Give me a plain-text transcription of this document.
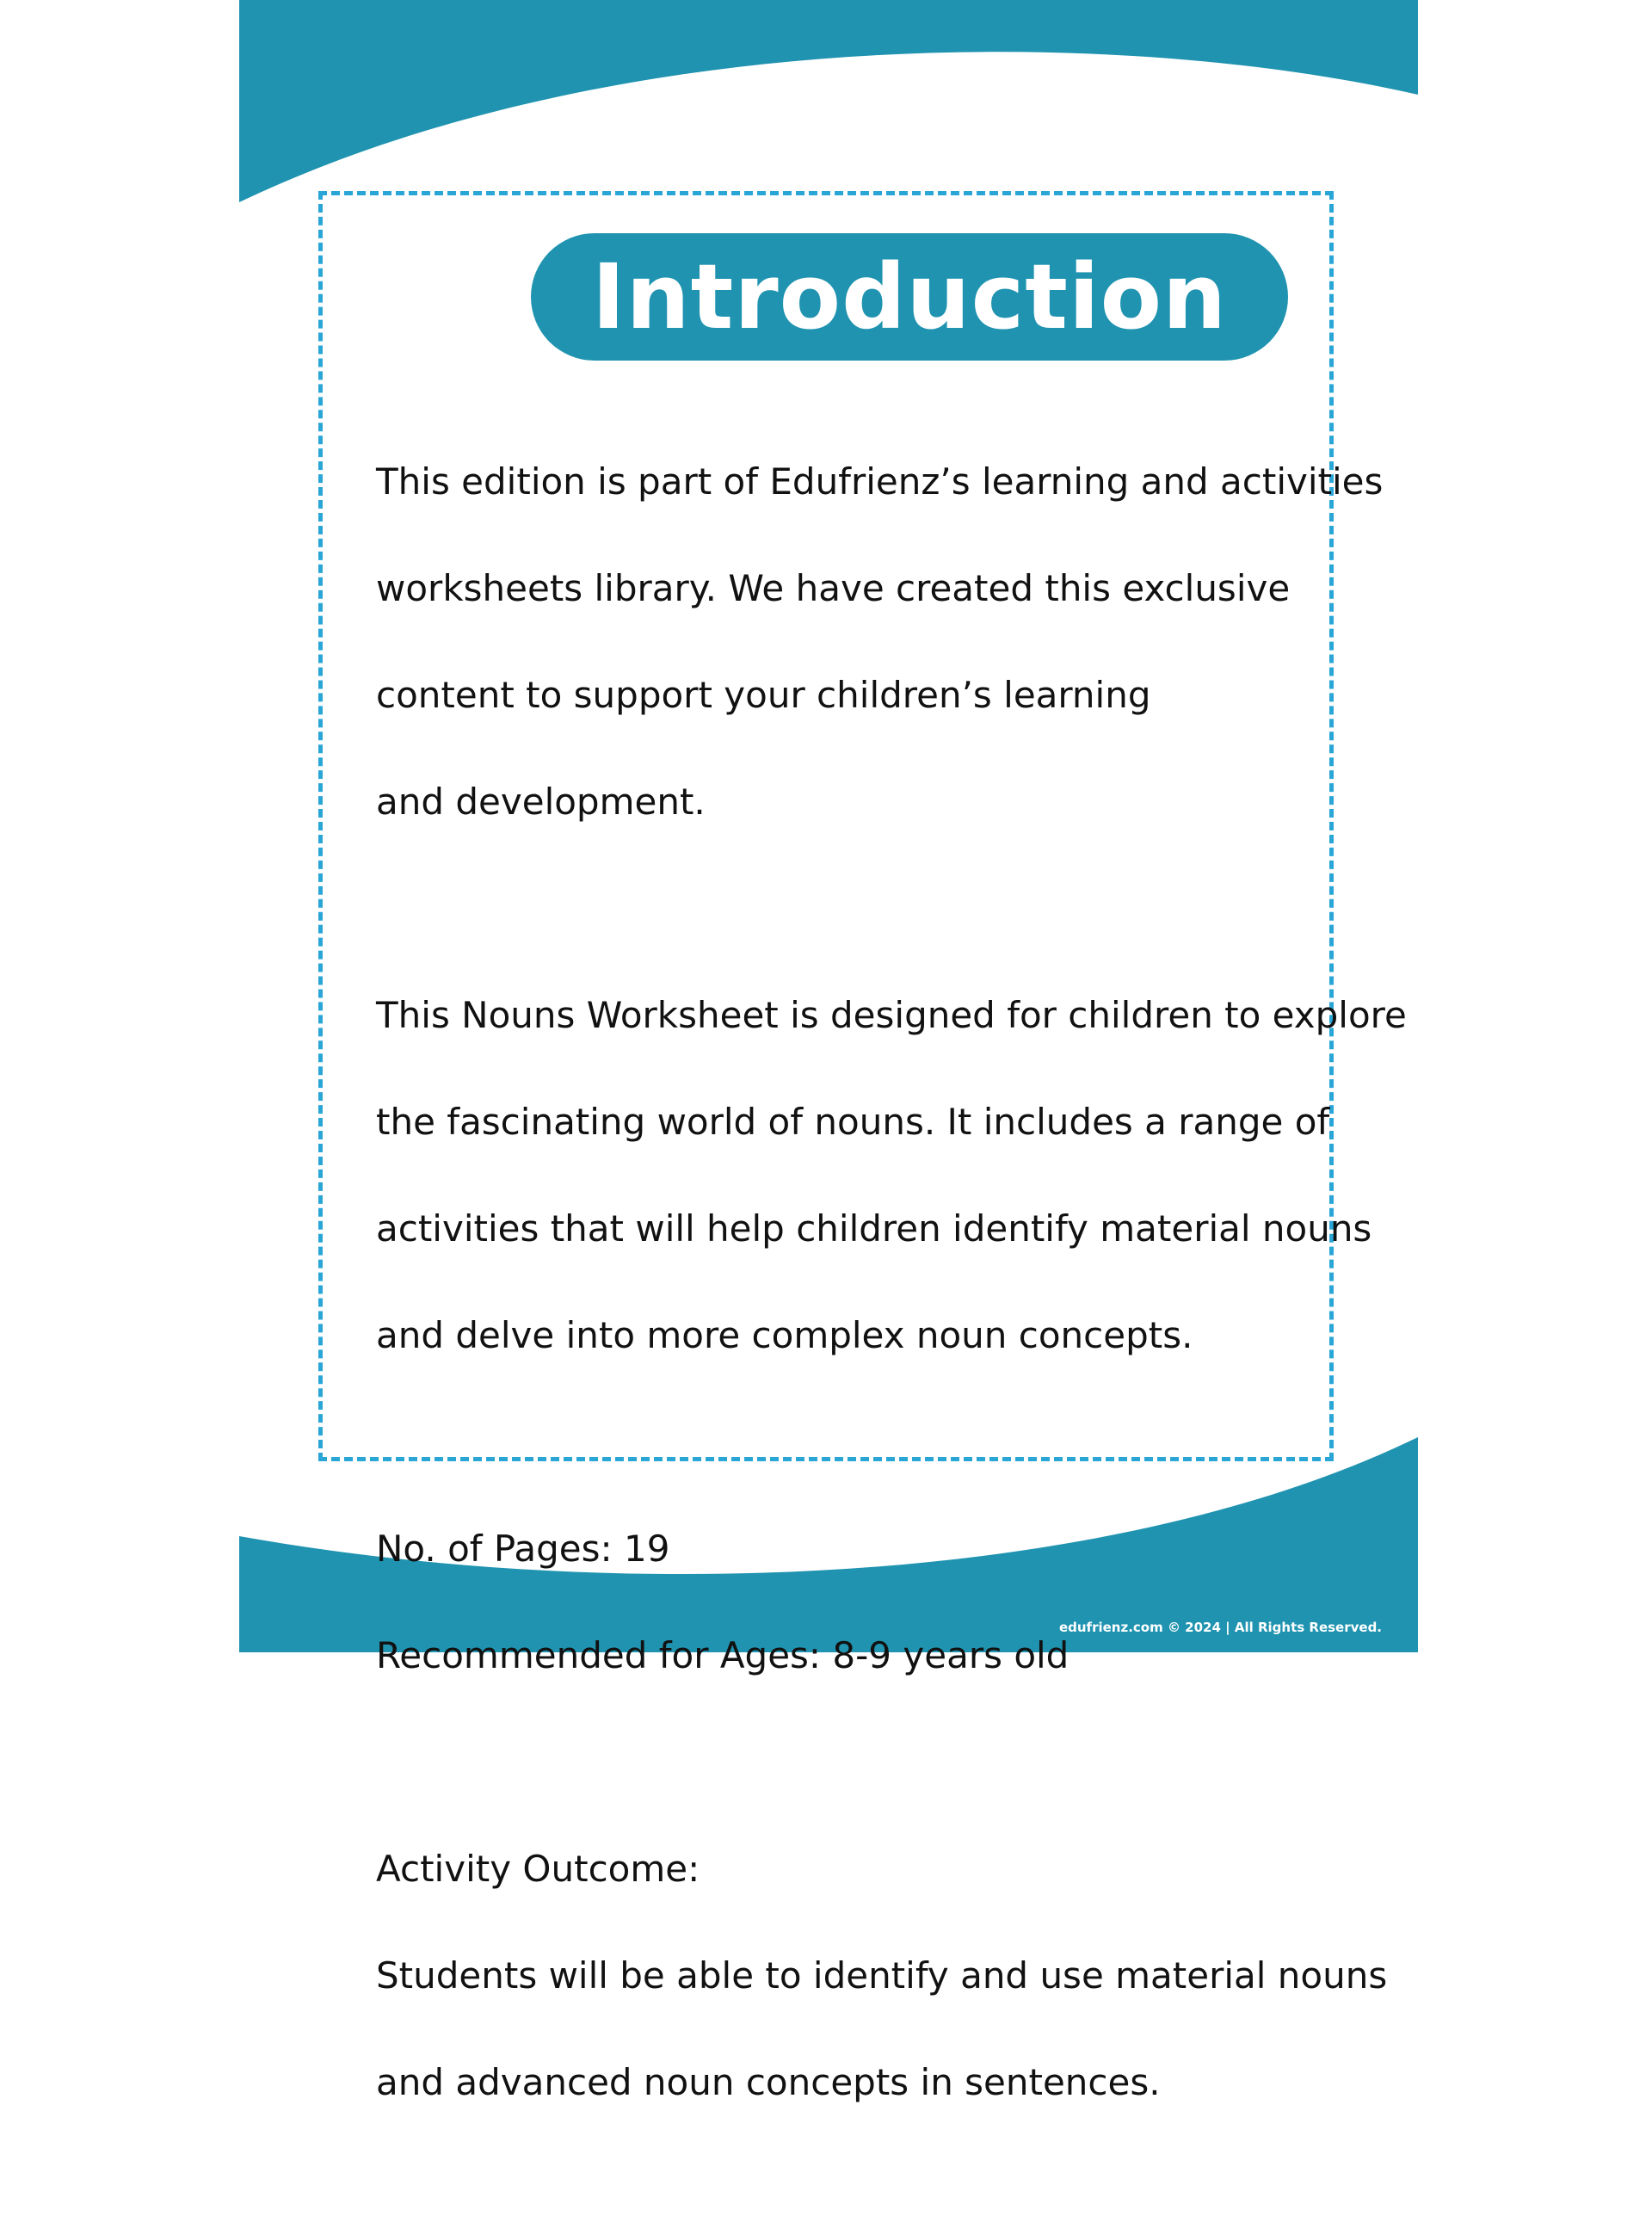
Introduction

This edition is part of Edufrienz’s learning and activities

worksheets library. We have created this exclusive

content to support your children’s learning

and development.

This Nouns Worksheet is designed for children to explore

the fascinating world of nouns. It includes a range of

activities that will help children identify material nouns

and delve into more complex noun concepts.

No. of Pages: 19

Recommended for Ages: 8-9 years old

Activity Outcome:

Students will be able to identify and use material nouns

and advanced noun concepts in sentences.

edufrienz.com © 2024 | All Rights Reserved.
